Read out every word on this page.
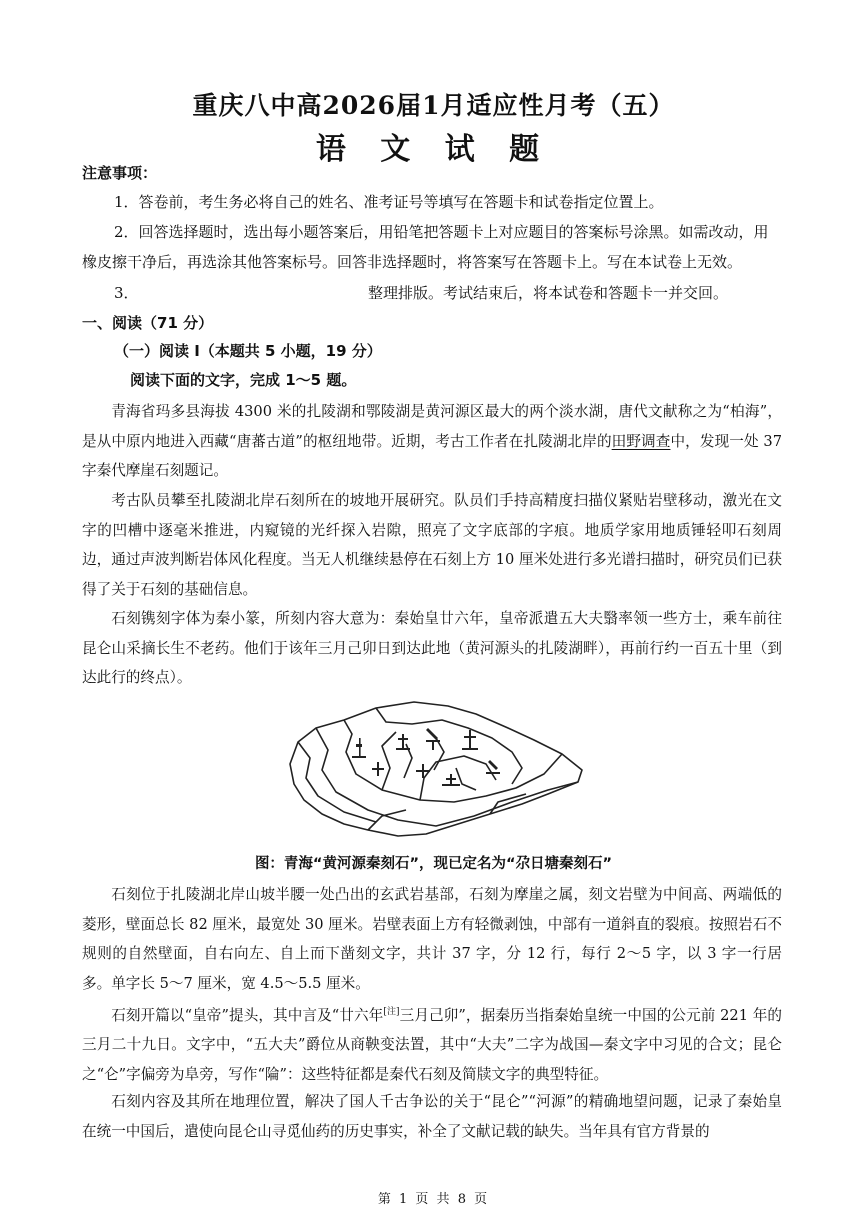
重庆八中高2026届1月适应性月考（五）
语 文 试 题
注意事项：
1．答卷前，考生务必将自己的姓名、准考证号等填写在答题卡和试卷指定位置上。
2．回答选择题时，选出每小题答案后，用铅笔把答题卡上对应题目的答案标号涂黑。如需改动，用
橡皮擦干净后，再选涂其他答案标号。回答非选择题时，将答案写在答题卡上。写在本试卷上无效。
3．	整理排版。考试结束后，将本试卷和答题卡一并交回。
一、阅读（71 分）
（一）阅读 I（本题共 5 小题，19 分）
阅读下面的文字，完成 1～5 题。
青海省玛多县海拔 4300 米的扎陵湖和鄂陵湖是黄河源区最大的两个淡水湖，唐代文献称之为“柏海”，是从中原内地进入西藏“唐蕃古道”的枢纽地带。近期，考古工作者在扎陵湖北岸的田野调查中，发现一处 37 字秦代摩崖石刻题记。
考古队员攀至扎陵湖北岸石刻所在的坡地开展研究。队员们手持高精度扫描仪紧贴岩壁移动，激光在文字的凹槽中逐毫米推进，内窥镜的光纤探入岩隙，照亮了文字底部的字痕。地质学家用地质锤轻叩石刻周边，通过声波判断岩体风化程度。当无人机继续悬停在石刻上方 10 厘米处进行多光谱扫描时，研究员们已获得了关于石刻的基础信息。
石刻镌刻字体为秦小篆，所刻内容大意为：秦始皇廿六年，皇帝派遣五大夫翳率领一些方士，乘车前往昆仑山采摘长生不老药。他们于该年三月己卯日到达此地（黄河源头的扎陵湖畔），再前行约一百五十里（到达此行的终点）。
图：青海“黄河源秦刻石”，现已定名为“尕日塘秦刻石”
石刻位于扎陵湖北岸山坡半腰一处凸出的玄武岩基部，石刻为摩崖之属，刻文岩壁为中间高、两端低的菱形，壁面总长 82 厘米，最宽处 30 厘米。岩壁表面上方有轻微剥蚀，中部有一道斜直的裂痕。按照岩石不规则的自然壁面，自右向左、自上而下凿刻文字，共计 37 字，分 12 行，每行 2～5 字，以 3 字一行居多。单字长 5～7 厘米，宽 4.5～5.5 厘米。
石刻开篇以“皇帝”提头，其中言及“廿六年[注]三月己卯”，据秦历当指秦始皇统一中国的公元前 221 年的三月二十九日。文字中，“五大夫”爵位从商鞅变法置，其中“大夫”二字为战国—秦文字中习见的合文；昆仑之“仑”字偏旁为阜旁，写作“陯”：这些特征都是秦代石刻及简牍文字的典型特征。
石刻内容及其所在地理位置，解决了国人千古争讼的关于“昆仑”“河源”的精确地望问题，记录了秦始皇在统一中国后，遣使向昆仑山寻觅仙药的历史事实，补全了文献记载的缺失。当年具有官方背景的
第 1 页 共 8 页
